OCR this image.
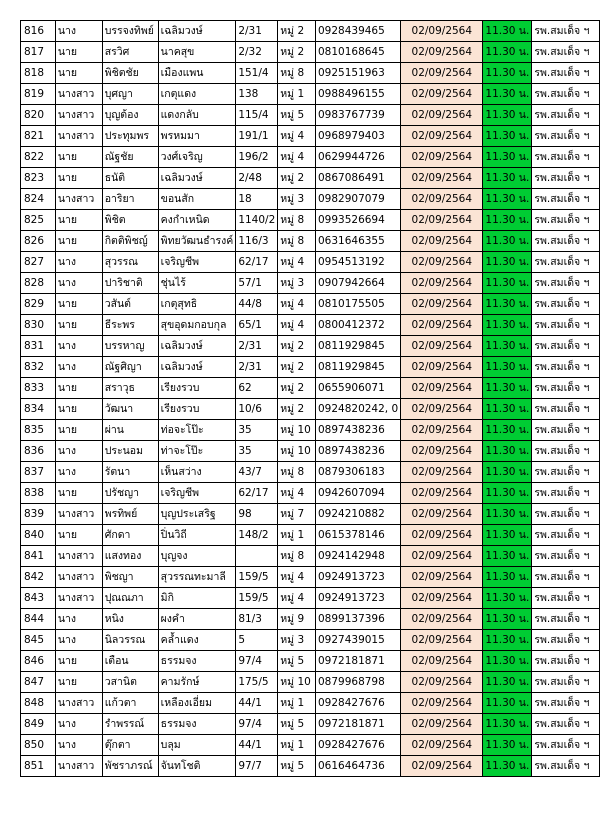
816	นาง	บรรจงทิพย์	เฉลิมวงษ์	2/31	หมู่ 2	0928439465	02/09/2564	11.30 น.	รพ.สมเด็จ ฯ
817	นาย	สรวิศ	นาคสุข	2/32	หมู่ 2	0810168645	02/09/2564	11.30 น.	รพ.สมเด็จ ฯ
818	นาย	พิชิตชัย	เมืองแพน	151/4	หมู่ 8	0925151963	02/09/2564	11.30 น.	รพ.สมเด็จ ฯ
819	นางสาว	บุศญา	เกตุแดง	138	หมู่ 1	0988496155	02/09/2564	11.30 น.	รพ.สมเด็จ ฯ
820	นางสาว	บุญต้อง	แดงกลับ	115/4	หมู่ 5	0983767739	02/09/2564	11.30 น.	รพ.สมเด็จ ฯ
821	นางสาว	ประทุมพร	พรหมมา	191/1	หมู่ 4	0968979403	02/09/2564	11.30 น.	รพ.สมเด็จ ฯ
822	นาย	ณัฐชัย	วงศ์เจริญ	196/2	หมู่ 4	0629944726	02/09/2564	11.30 น.	รพ.สมเด็จ ฯ
823	นาย	ธนัติ	เฉลิมวงษ์	2/48	หมู่ 2	0867086491	02/09/2564	11.30 น.	รพ.สมเด็จ ฯ
824	นางสาว	อาริยา	ขอนสัก	18	หมู่ 3	0982907079	02/09/2564	11.30 น.	รพ.สมเด็จ ฯ
825	นาย	พิชิต	คงกำเหนิด	1140/2	หมู่ 8	0993526694	02/09/2564	11.30 น.	รพ.สมเด็จ ฯ
826	นาย	กิตติพิชญ์	พิทยวัฒนธำรงค์	116/3	หมู่ 8	0631646355	02/09/2564	11.30 น.	รพ.สมเด็จ ฯ
827	นาง	สุวรรณ	เจริญชีพ	62/17	หมู่ 4	0954513192	02/09/2564	11.30 น.	รพ.สมเด็จ ฯ
828	นาง	ปาริชาติ	ชุ่นไร้	57/1	หมู่ 3	0907942664	02/09/2564	11.30 น.	รพ.สมเด็จ ฯ
829	นาย	วสันต์	เกตุสุทธิ	44/8	หมู่ 4	0810175505	02/09/2564	11.30 น.	รพ.สมเด็จ ฯ
830	นาย	ธีระพร	สุขอุดมกอบกุล	65/1	หมู่ 4	0800412372	02/09/2564	11.30 น.	รพ.สมเด็จ ฯ
831	นาง	บรรหาญ	เฉลิมวงษ์	2/31	หมู่ 2	0811929845	02/09/2564	11.30 น.	รพ.สมเด็จ ฯ
832	นาง	ณัฐศิญา	เฉลิมวงษ์	2/31	หมู่ 2	0811929845	02/09/2564	11.30 น.	รพ.สมเด็จ ฯ
833	นาย	สราวุธ	เรียงรวบ	62	หมู่ 2	0655906071	02/09/2564	11.30 น.	รพ.สมเด็จ ฯ
834	นาย	วัฒนา	เรียงรวบ	10/6	หมู่ 2	0924820242, 0	02/09/2564	11.30 น.	รพ.สมเด็จ ฯ
835	นาย	ผ่าน	ท่อจะโป๊ะ	35	หมู่ 10	0897438236	02/09/2564	11.30 น.	รพ.สมเด็จ ฯ
836	นาง	ประนอม	ท่าจะโป๊ะ	35	หมู่ 10	0897438236	02/09/2564	11.30 น.	รพ.สมเด็จ ฯ
837	นาง	รัตนา	เห็นสว่าง	43/7	หมู่ 8	0879306183	02/09/2564	11.30 น.	รพ.สมเด็จ ฯ
838	นาย	ปรัชญา	เจริญชีพ	62/17	หมู่ 4	0942607094	02/09/2564	11.30 น.	รพ.สมเด็จ ฯ
839	นางสาว	พรทิพย์	บุญประเสริฐ	98	หมู่ 7	0924210882	02/09/2564	11.30 น.	รพ.สมเด็จ ฯ
840	นาย	ศักดา	ปิ่นวิถี	148/2	หมู่ 1	0615378146	02/09/2564	11.30 น.	รพ.สมเด็จ ฯ
841	นางสาว	แสงทอง	บุญจง		หมู่ 8	0924142948	02/09/2564	11.30 น.	รพ.สมเด็จ ฯ
842	นางสาว	พิชญา	สุวรรณทะมาลี	159/5	หมู่ 4	0924913723	02/09/2564	11.30 น.	รพ.สมเด็จ ฯ
843	นางสาว	ปุณณภา	มิกิ	159/5	หมู่ 4	0924913723	02/09/2564	11.30 น.	รพ.สมเด็จ ฯ
844	นาง	หนิง	ผงคำ	81/3	หมู่ 9	0899137396	02/09/2564	11.30 น.	รพ.สมเด็จ ฯ
845	นาง	นิลวรรณ	คล้ำแดง	5	หมู่ 3	0927439015	02/09/2564	11.30 น.	รพ.สมเด็จ ฯ
846	นาย	เตือน	ธรรมจง	97/4	หมู่ 5	0972181871	02/09/2564	11.30 น.	รพ.สมเด็จ ฯ
847	นาย	วสานิต	คามรักษ์	175/5	หมู่ 10	0879968798	02/09/2564	11.30 น.	รพ.สมเด็จ ฯ
848	นางสาว	แก้วตา	เหลืองเอี่ยม	44/1	หมู่ 1	0928427676	02/09/2564	11.30 น.	รพ.สมเด็จ ฯ
849	นาง	รำพรรณ์	ธรรมจง	97/4	หมู่ 5	0972181871	02/09/2564	11.30 น.	รพ.สมเด็จ ฯ
850	นาง	ตุ๊กตา	บลุม	44/1	หมู่ 1	0928427676	02/09/2564	11.30 น.	รพ.สมเด็จ ฯ
851	นางสาว	พัชราภรณ์	จันทโชติ	97/7	หมู่ 5	0616464736	02/09/2564	11.30 น.	รพ.สมเด็จ ฯ
